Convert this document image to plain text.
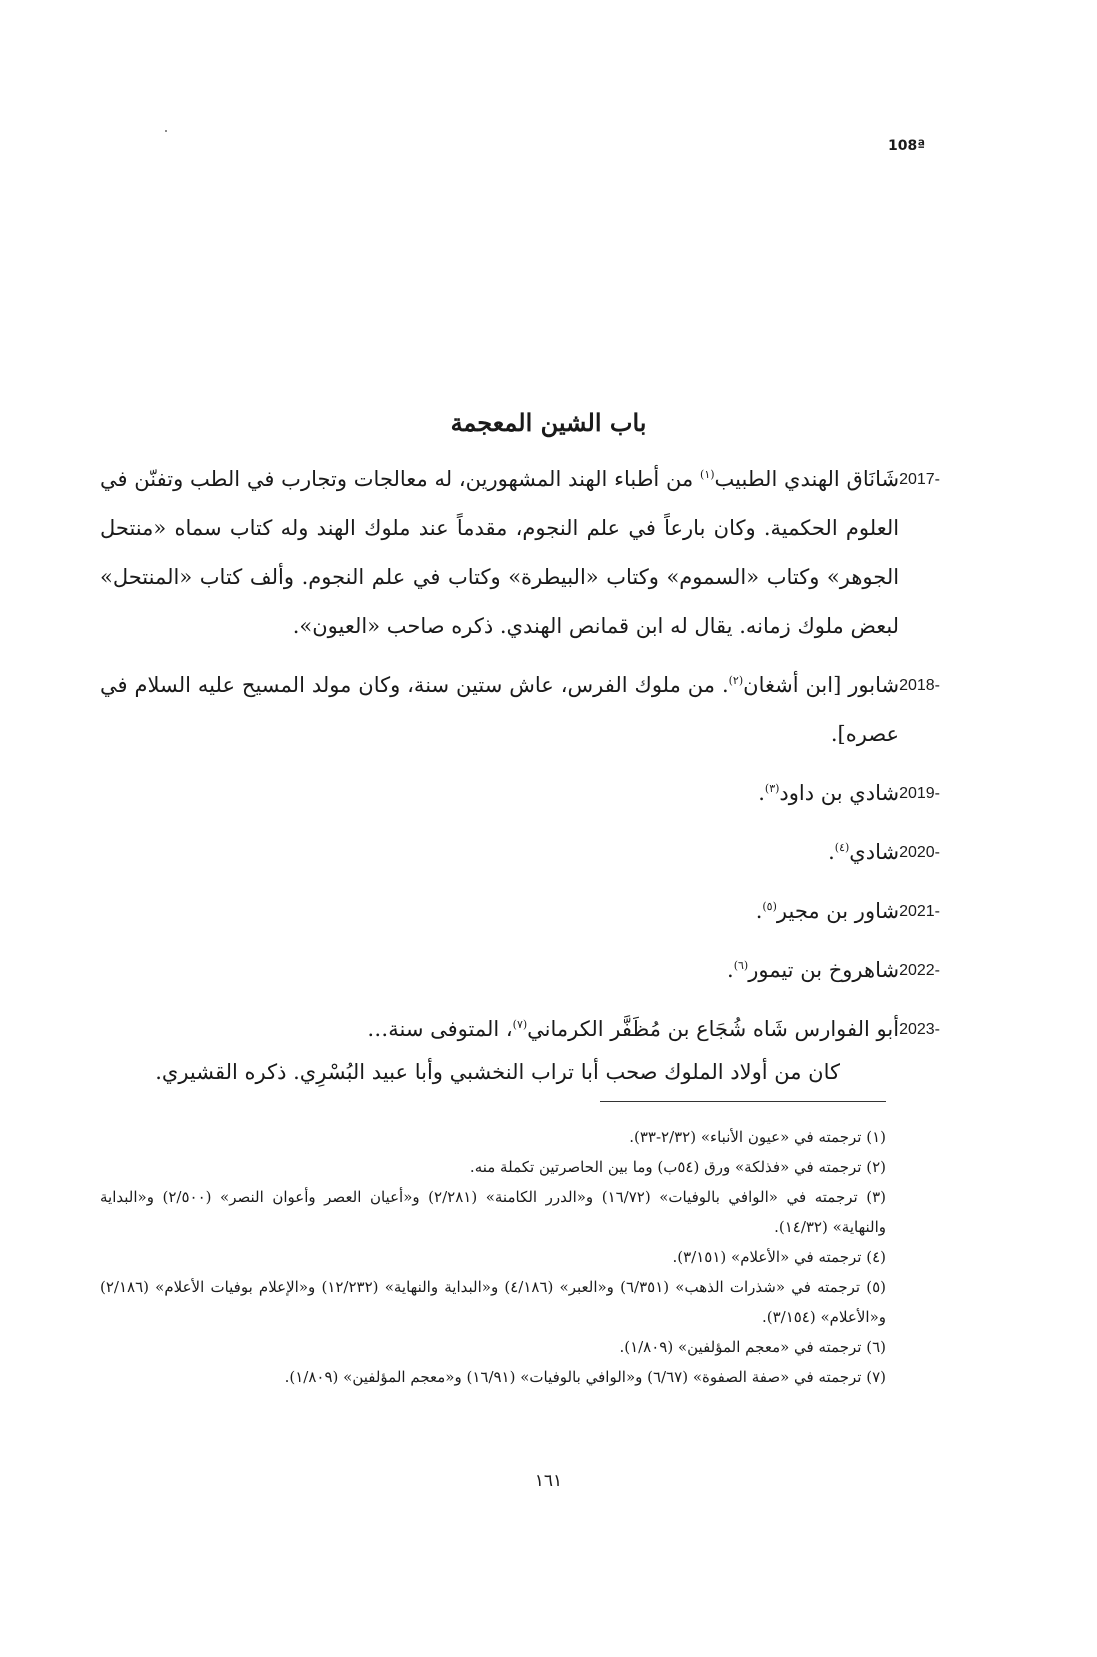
108ª
باب الشين المعجمة
2017-
شَانَاق الهندي الطبيب$^{(١)}$ من أطباء الهند المشهورين، له معالجات وتجارب في الطب وتفنّن في العلوم الحكمية. وكان بارعاً في علم النجوم، مقدماً عند ملوك الهند وله كتاب سماه «منتحل الجوهر» وكتاب «السموم» وكتاب «البيطرة» وكتاب في علم النجوم. وألف كتاب «المنتحل» لبعض ملوك زمانه. يقال له ابن قمانص الهندي. ذكره صاحب «العيون».
2018-
شابور [ابن أشغان$^{(٢)}$. من ملوك الفرس، عاش ستين سنة، وكان مولد المسيح عليه السلام في عصره].
2019-
شادي بن داود$^{(٣)}$.
2020-
شادي$^{(٤)}$.
2021-
شاور بن مجير$^{(٥)}$.
2022-
شاهروخ بن تيمور$^{(٦)}$.
2023-
أبو الفوارس شَاه شُجَاع بن مُظَفَّر الكرماني$^{(٧)}$، المتوفى سنة…
كان من أولاد الملوك صحب أبا تراب النخشبي وأبا عبيد البُسْرِي. ذكره القشيري.
(١) ترجمته في «عيون الأنباء» (٢/٣٢-٣٣).
(٢) ترجمته في «فذلكة» ورق (٥٤ب) وما بين الحاصرتين تكملة منه.
(٣) ترجمته في «الوافي بالوفيات» (١٦/٧٢) و«الدرر الكامنة» (٢/٢٨١) و«أعيان العصر وأعوان النصر» (٢/٥٠٠) و«البداية والنهاية» (١٤/٣٢).
(٤) ترجمته في «الأعلام» (٣/١٥١).
(٥) ترجمته في «شذرات الذهب» (٦/٣٥١) و«العبر» (٤/١٨٦) و«البداية والنهاية» (١٢/٢٣٢) و«الإعلام بوفيات الأعلام» (٢/١٨٦) و«الأعلام» (٣/١٥٤).
(٦) ترجمته في «معجم المؤلفين» (١/٨٠٩).
(٧) ترجمته في «صفة الصفوة» (٦/٦٧) و«الوافي بالوفيات» (١٦/٩١) و«معجم المؤلفين» (١/٨٠٩).
١٦١
